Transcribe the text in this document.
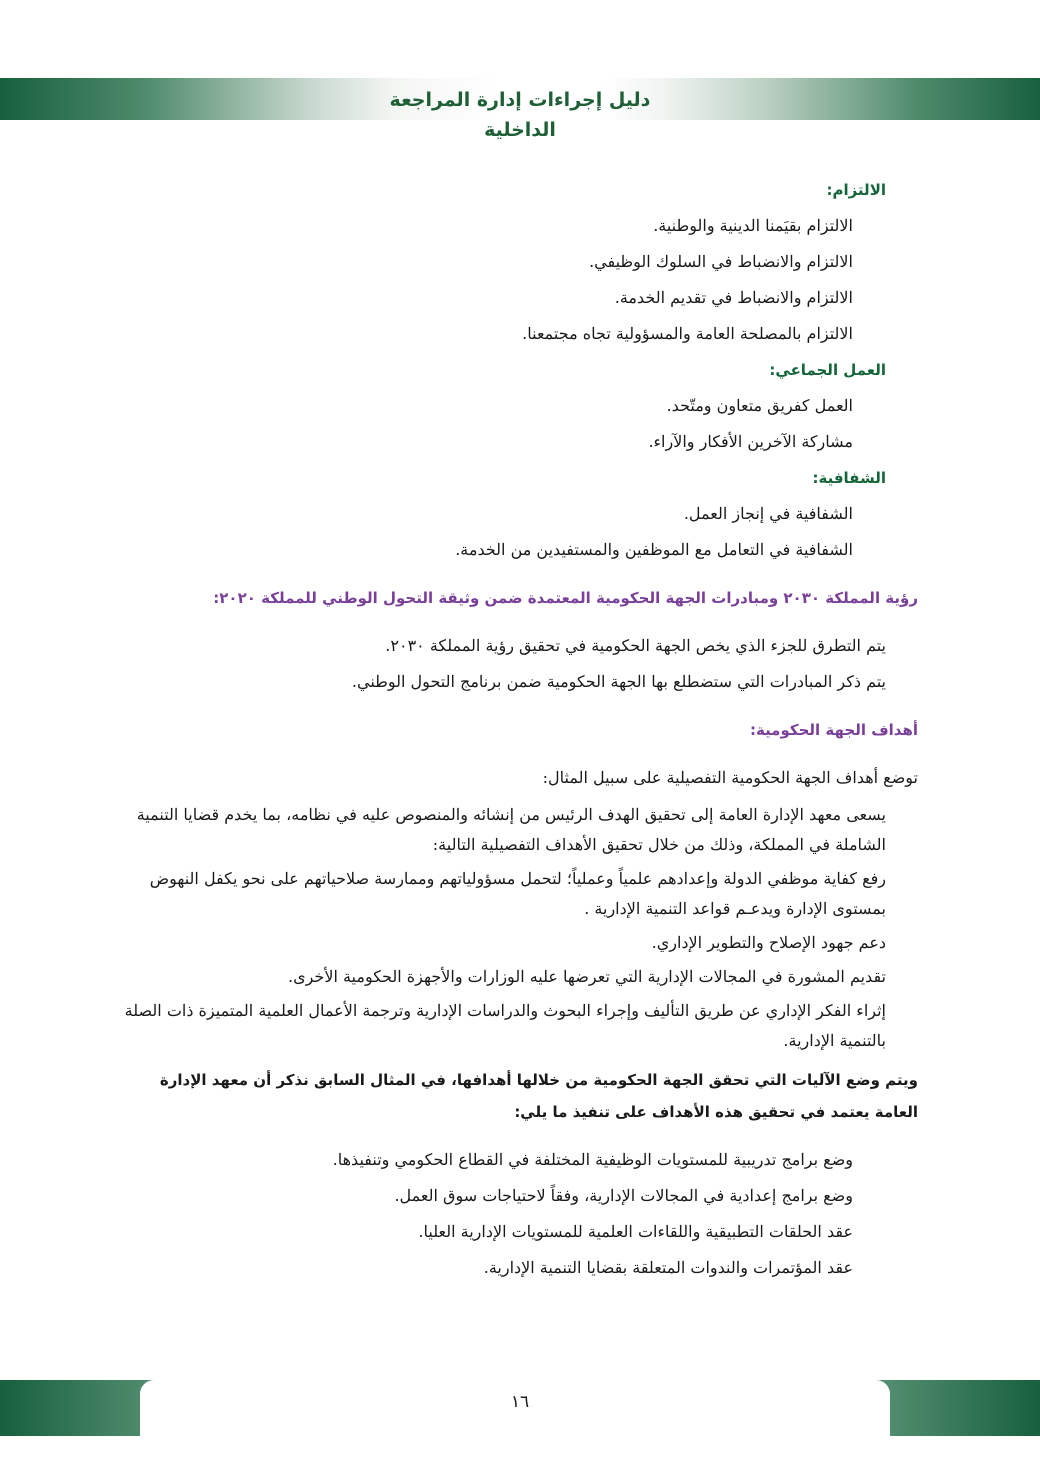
دليل إجراءات إدارة المراجعة الداخلية

الالتزام:

الالتزام بقيَمنا الدينية والوطنية.

الالتزام والانضباط في السلوك الوظيفي.

الالتزام والانضباط في تقديم الخدمة.

الالتزام بالمصلحة العامة والمسؤولية تجاه مجتمعنا.

العمل الجماعي:

العمل كفريق متعاون ومتّحد.

مشاركة الآخرين الأفكار والآراء.

الشفافية:

الشفافية في إنجاز العمل.

الشفافية في التعامل مع الموظفين والمستفيدين من الخدمة.

رؤية المملكة ٢٠٣٠ ومبادرات الجهة الحكومية المعتمدة ضمن وثيقة التحول الوطني للمملكة ٢٠٢٠:

يتم التطرق للجزء الذي يخص الجهة الحكومية في تحقيق رؤية المملكة ٢٠٣٠.

يتم ذكر المبادرات التي ستضطلع بها الجهة الحكومية ضمن برنامج التحول الوطني.

أهداف الجهة الحكومية:

توضع أهداف الجهة الحكومية التفصيلية على سبيل المثال:

يسعى معهد الإدارة العامة إلى تحقيق الهدف الرئيس من إنشائه والمنصوص عليه في نظامه، بما يخدم قضايا التنمية الشاملة في المملكة، وذلك من خلال تحقيق الأهداف التفصيلية التالية:

رفع كفاية موظفي الدولة وإعدادهم علمياً وعملياً؛ لتحمل مسؤولياتهم وممارسة صلاحياتهم على نحو يكفل النهوض بمستوى الإدارة ويدعـم قواعد التنمية الإدارية .

دعم جهود الإصلاح والتطوير الإداري.

تقديم المشورة في المجالات الإدارية التي تعرضها عليه الوزارات والأجهزة الحكومية الأخرى.

إثراء الفكر الإداري عن طريق التأليف وإجراء البحوث والدراسات الإدارية وترجمة الأعمال العلمية المتميزة ذات الصلة بالتنمية الإدارية.

ويتم وضع الآليات التي تحقق الجهة الحكومية من خلالها أهدافها، في المثال السابق نذكر أن معهد الإدارة العامة يعتمد في تحقيق هذه الأهداف على تنفيذ ما يلي:

وضع برامج تدريبية للمستويات الوظيفية المختلفة في القطاع الحكومي وتنفيذها.

وضع برامج إعدادية في المجالات الإدارية، وفقاً لاحتياجات سوق العمل.

عقد الحلقات التطبيقية واللقاءات العلمية للمستويات الإدارية العليا.

عقد المؤتمرات والندوات المتعلقة بقضايا التنمية الإدارية.

١٦
